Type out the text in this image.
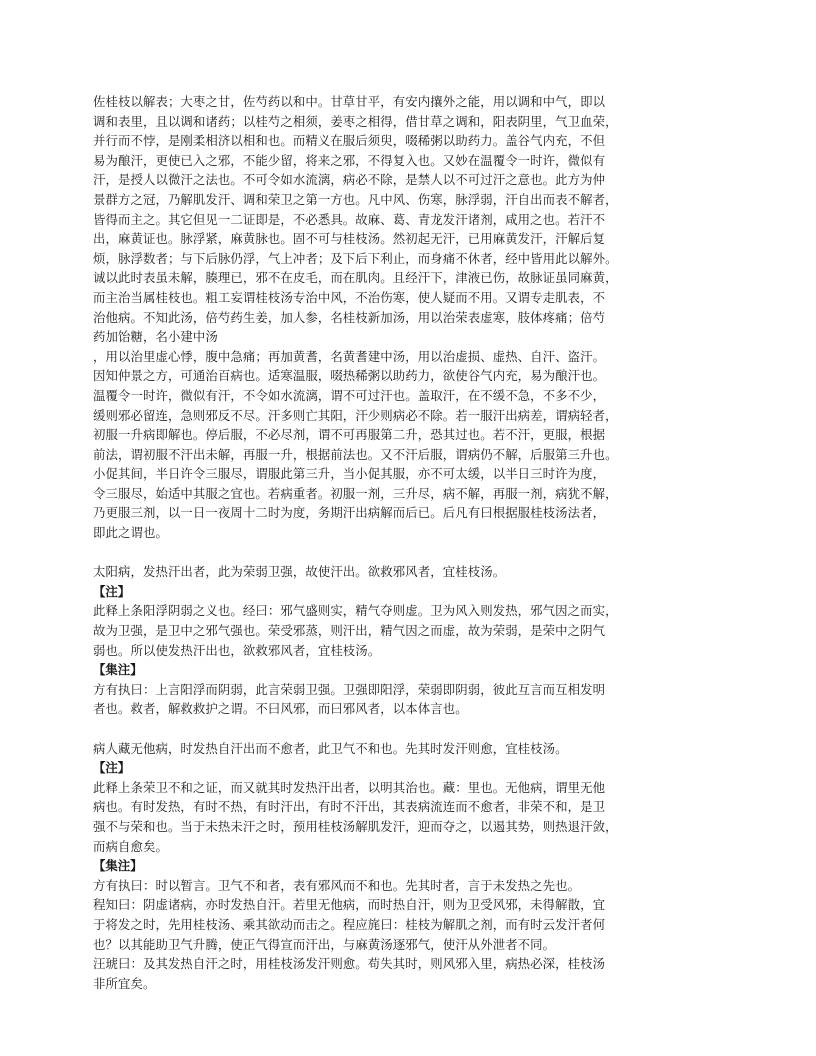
佐桂枝以解表；大枣之甘，佐芍药以和中。甘草甘平，有安内攘外之能，用以调和中气，即以
调和表里，且以调和诸药；以桂芍之相须，姜枣之相得，借甘草之调和，阳表阴里，气卫血荣，
并行而不悖，是刚柔相济以相和也。而精义在服后须臾，啜稀粥以助药力。盖谷气内充，不但
易为酿汗，更使已入之邪，不能少留，将来之邪，不得复入也。又妙在温覆令一时许，微似有
汗，是授人以微汗之法也。不可令如水流漓，病必不除，是禁人以不可过汗之意也。此方为仲
景群方之冠，乃解肌发汗、调和荣卫之第一方也。凡中风、伤寒，脉浮弱，汗自出而表不解者，
皆得而主之。其它但见一二证即是，不必悉具。故麻、葛、青龙发汗诸剂，咸用之也。若汗不
出，麻黄证也。脉浮紧，麻黄脉也。固不可与桂枝汤。然初起无汗，已用麻黄发汗，汗解后复
烦，脉浮数者；与下后脉仍浮，气上冲者；及下后下利止，而身痛不休者，经中皆用此以解外。
诚以此时表虽未解，腠理已，邪不在皮毛，而在肌肉。且经汗下，津液已伤，故脉证虽同麻黄，
而主治当属桂枝也。粗工妄谓桂枝汤专治中风，不治伤寒，使人疑而不用。又谓专走肌表，不
治他病。不知此汤，倍芍药生姜，加人参，名桂枝新加汤，用以治荣表虚寒，肢体疼痛；倍芍
药加饴糖，名小建中汤
，用以治里虚心悸，腹中急痛；再加黄耆，名黄耆建中汤，用以治虚损、虚热、自汗、盗汗。
因知仲景之方，可通治百病也。适寒温服，啜热稀粥以助药力，欲使谷气内充，易为酿汗也。
温覆令一时许，微似有汗，不令如水流漓，谓不可过汗也。盖取汗，在不缓不急，不多不少，
缓则邪必留连，急则邪反不尽。汗多则亡其阳，汗少则病必不除。若一服汗出病差，谓病轻者，
初服一升病即解也。停后服，不必尽剂，谓不可再服第二升，恐其过也。若不汗，更服，根据
前法，谓初服不汗出未解，再服一升，根据前法也。又不汗后服，谓病仍不解，后服第三升也。
小促其间，半日许令三服尽，谓服此第三升，当小促其服，亦不可太缓，以半日三时许为度，
令三服尽，始适中其服之宜也。若病重者。初服一剂，三升尽，病不解，再服一剂，病犹不解，
乃更服三剂，以一日一夜周十二时为度，务期汗出病解而后已。后凡有曰根据服桂枝汤法者，
即此之谓也。
太阳病，发热汗出者，此为荣弱卫强，故使汗出。欲救邪风者，宜桂枝汤。
【注】
此释上条阳浮阴弱之义也。经曰：邪气盛则实，精气夺则虚。卫为风入则发热，邪气因之而实，
故为卫强，是卫中之邪气强也。荣受邪蒸，则汗出，精气因之而虚，故为荣弱，是荣中之阴气
弱也。所以使发热汗出也，欲救邪风者，宜桂枝汤。
【集注】
方有执曰：上言阳浮而阴弱，此言荣弱卫强。卫强即阳浮，荣弱即阴弱，彼此互言而互相发明
者也。救者，解救救护之谓。不曰风邪，而曰邪风者，以本体言也。
病人藏无他病，时发热自汗出而不愈者，此卫气不和也。先其时发汗则愈，宜桂枝汤。
【注】
此释上条荣卫不和之证，而又就其时发热汗出者，以明其治也。藏：里也。无他病，谓里无他
病也。有时发热，有时不热，有时汗出，有时不汗出，其表病流连而不愈者，非荣不和，是卫
强不与荣和也。当于未热未汗之时，预用桂枝汤解肌发汗，迎而夺之，以遏其势，则热退汗敛，
而病自愈矣。
【集注】
方有执曰：时以暂言。卫气不和者，表有邪风而不和也。先其时者，言于未发热之先也。
程知曰：阴虚诸病，亦时发热自汗。若里无他病，而时热自汗，则为卫受风邪，未得解散，宜
于将发之时，先用桂枝汤、乘其欲动而击之。程应旄曰：桂枝为解肌之剂，而有时云发汗者何
也？以其能助卫气升腾，使正气得宣而汗出，与麻黄汤逐邪气，使汗从外泄者不同。
汪琥曰：及其发热自汗之时，用桂枝汤发汗则愈。苟失其时，则风邪入里，病热必深，桂枝汤
非所宜矣。
